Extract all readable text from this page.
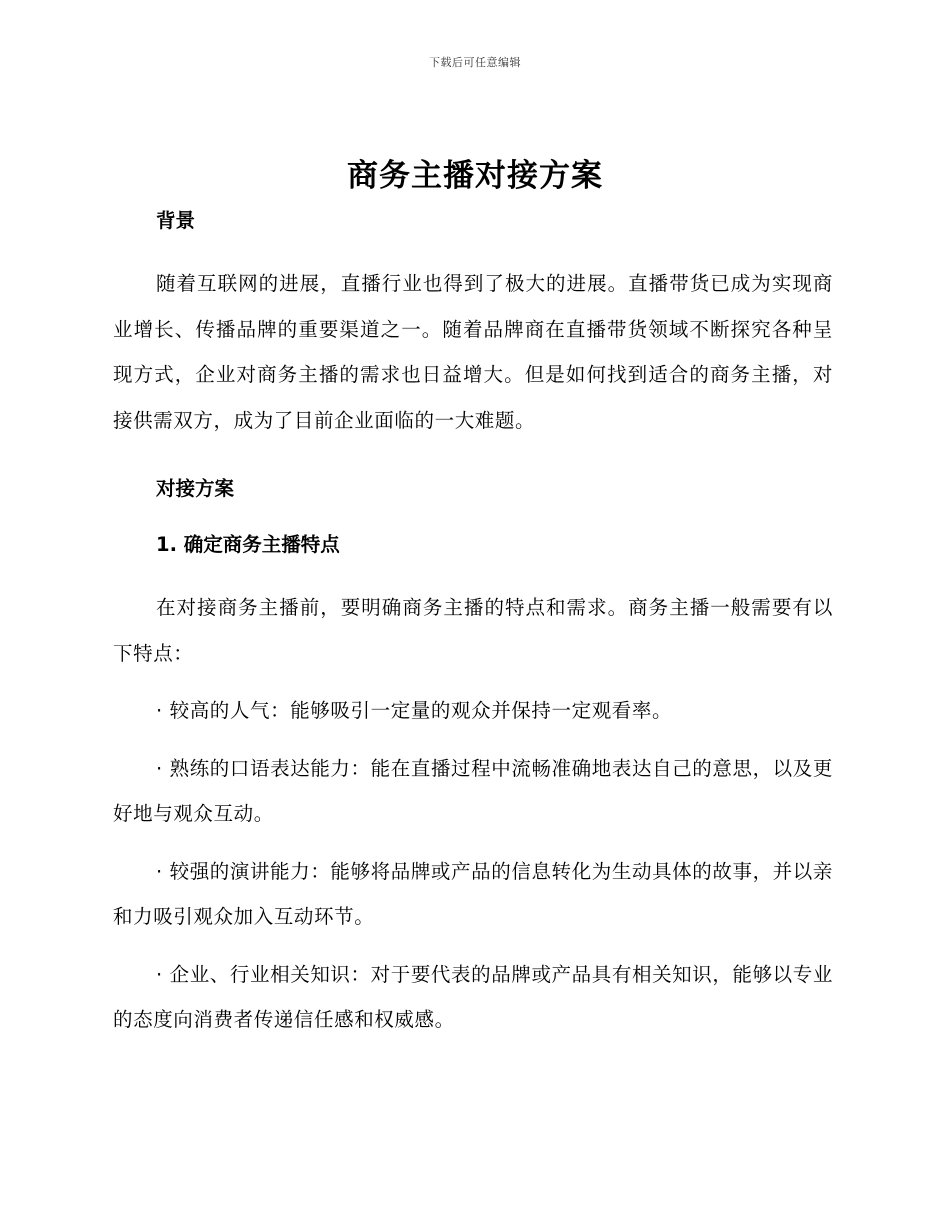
下载后可任意编辑
商务主播对接方案

背景

随着互联网的进展，直播行业也得到了极大的进展。直播带货已成为实现商业增长、传播品牌的重要渠道之一。随着品牌商在直播带货领域不断探究各种呈现方式，企业对商务主播的需求也日益增大。但是如何找到适合的商务主播，对接供需双方，成为了目前企业面临的一大难题。

对接方案

1. 确定商务主播特点

在对接商务主播前，要明确商务主播的特点和需求。商务主播一般需要有以下特点：

· 较高的人气：能够吸引一定量的观众并保持一定观看率。

· 熟练的口语表达能力：能在直播过程中流畅准确地表达自己的意思，以及更好地与观众互动。

· 较强的演讲能力：能够将品牌或产品的信息转化为生动具体的故事，并以亲和力吸引观众加入互动环节。

· 企业、行业相关知识：对于要代表的品牌或产品具有相关知识，能够以专业的态度向消费者传递信任感和权威感。
